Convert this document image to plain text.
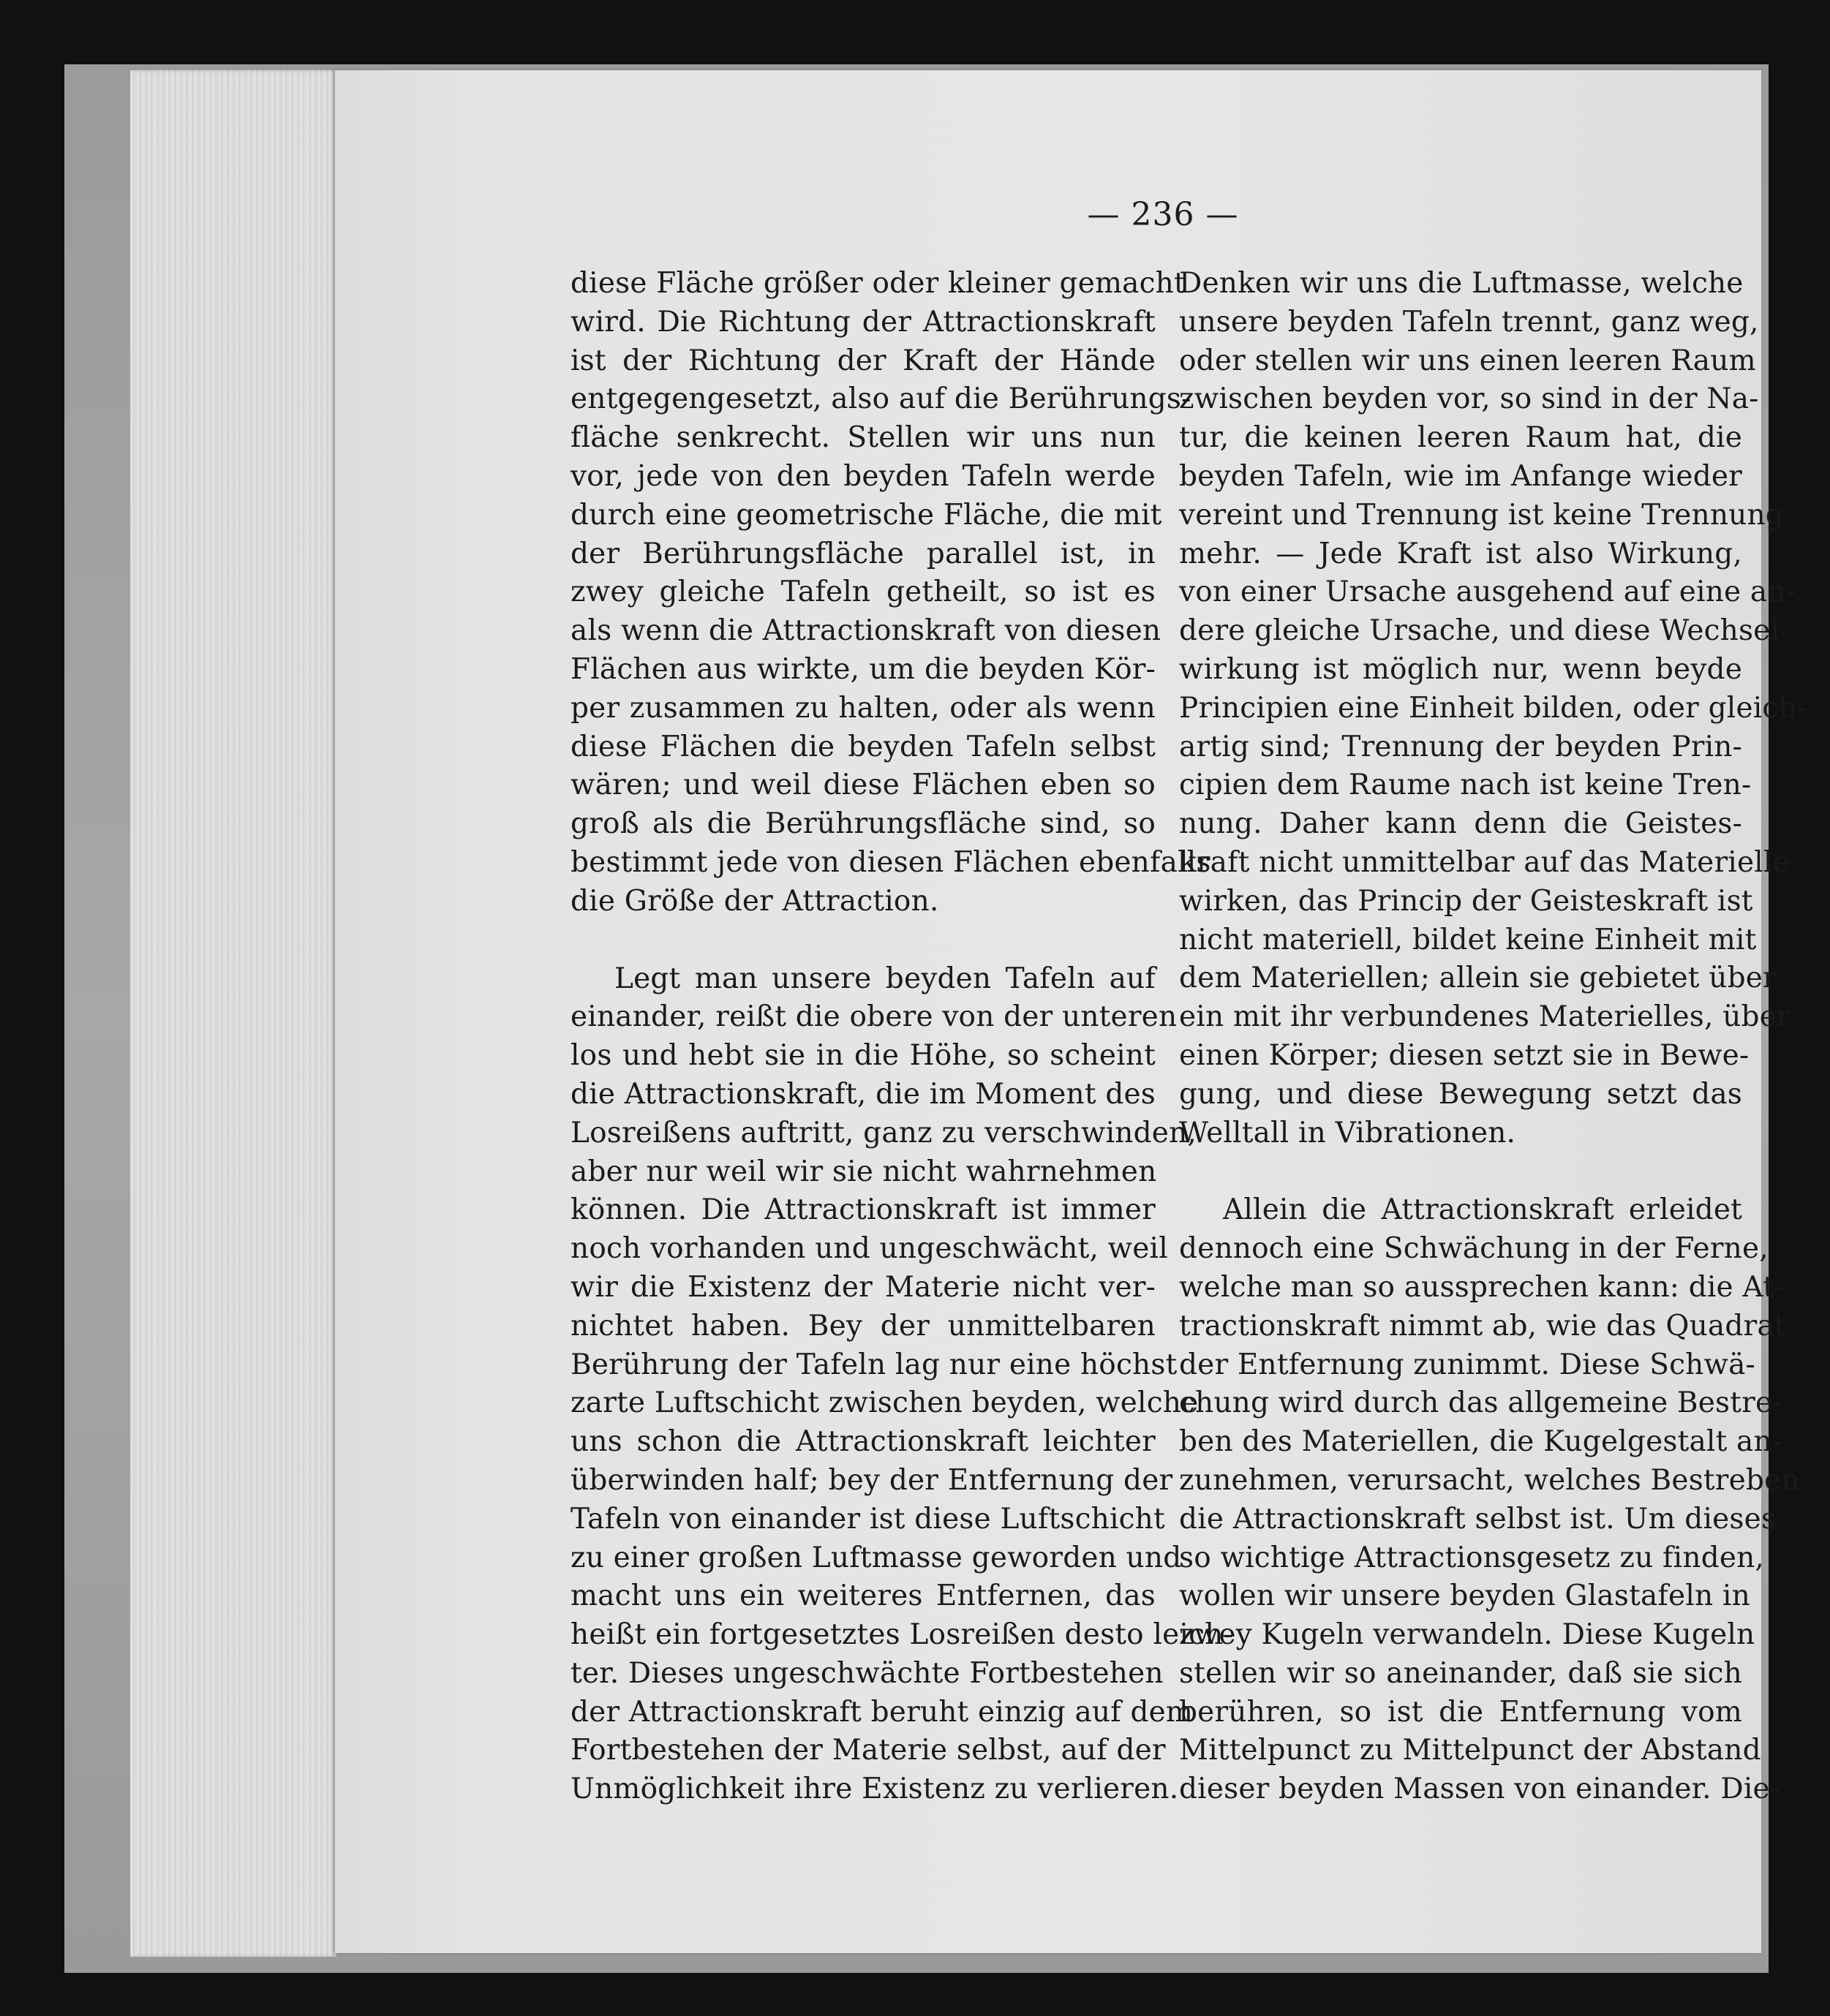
— 236 —
diese Fläche größer oder kleiner gemacht
wird. Die Richtung der Attractionskraft
ist der Richtung der Kraft der Hände
entgegengesetzt, also auf die Berührungs-
fläche senkrecht. Stellen wir uns nun
vor, jede von den beyden Tafeln werde
durch eine geometrische Fläche, die mit
der Berührungsfläche parallel ist, in
zwey gleiche Tafeln getheilt, so ist es
als wenn die Attractionskraft von diesen
Flächen aus wirkte, um die beyden Kör-
per zusammen zu halten, oder als wenn
diese Flächen die beyden Tafeln selbst
wären; und weil diese Flächen eben so
groß als die Berührungsfläche sind, so
bestimmt jede von diesen Flächen ebenfalls
die Größe der Attraction.
Legt man unsere beyden Tafeln auf
einander, reißt die obere von der unteren
los und hebt sie in die Höhe, so scheint
die Attractionskraft, die im Moment des
Losreißens auftritt, ganz zu verschwinden,
aber nur weil wir sie nicht wahrnehmen
können. Die Attractionskraft ist immer
noch vorhanden und ungeschwächt, weil
wir die Existenz der Materie nicht ver-
nichtet haben. Bey der unmittelbaren
Berührung der Tafeln lag nur eine höchst
zarte Luftschicht zwischen beyden, welche
uns schon die Attractionskraft leichter
überwinden half; bey der Entfernung der
Tafeln von einander ist diese Luftschicht
zu einer großen Luftmasse geworden und
macht uns ein weiteres Entfernen, das
heißt ein fortgesetztes Losreißen desto leich-
ter. Dieses ungeschwächte Fortbestehen
der Attractionskraft beruht einzig auf dem
Fortbestehen der Materie selbst, auf der
Unmöglichkeit ihre Existenz zu verlieren.
Denken wir uns die Luftmasse, welche
unsere beyden Tafeln trennt, ganz weg,
oder stellen wir uns einen leeren Raum
zwischen beyden vor, so sind in der Na-
tur, die keinen leeren Raum hat, die
beyden Tafeln, wie im Anfange wieder
vereint und Trennung ist keine Trennung
mehr. — Jede Kraft ist also Wirkung,
von einer Ursache ausgehend auf eine an-
dere gleiche Ursache, und diese Wechsel-
wirkung ist möglich nur, wenn beyde
Principien eine Einheit bilden, oder gleich-
artig sind; Trennung der beyden Prin-
cipien dem Raume nach ist keine Tren-
nung. Daher kann denn die Geistes-
kraft nicht unmittelbar auf das Materielle
wirken, das Princip der Geisteskraft ist
nicht materiell, bildet keine Einheit mit
dem Materiellen; allein sie gebietet über
ein mit ihr verbundenes Materielles, über
einen Körper; diesen setzt sie in Bewe-
gung, und diese Bewegung setzt das
Welltall in Vibrationen.
Allein die Attractionskraft erleidet
dennoch eine Schwächung in der Ferne,
welche man so aussprechen kann: die At-
tractionskraft nimmt ab, wie das Quadrat
der Entfernung zunimmt. Diese Schwä-
chung wird durch das allgemeine Bestre-
ben des Materiellen, die Kugelgestalt an-
zunehmen, verursacht, welches Bestreben
die Attractionskraft selbst ist. Um dieses
so wichtige Attractionsgesetz zu finden,
wollen wir unsere beyden Glastafeln in
zwey Kugeln verwandeln. Diese Kugeln
stellen wir so aneinander, daß sie sich
berühren, so ist die Entfernung vom
Mittelpunct zu Mittelpunct der Abstand
dieser beyden Massen von einander. Die-
